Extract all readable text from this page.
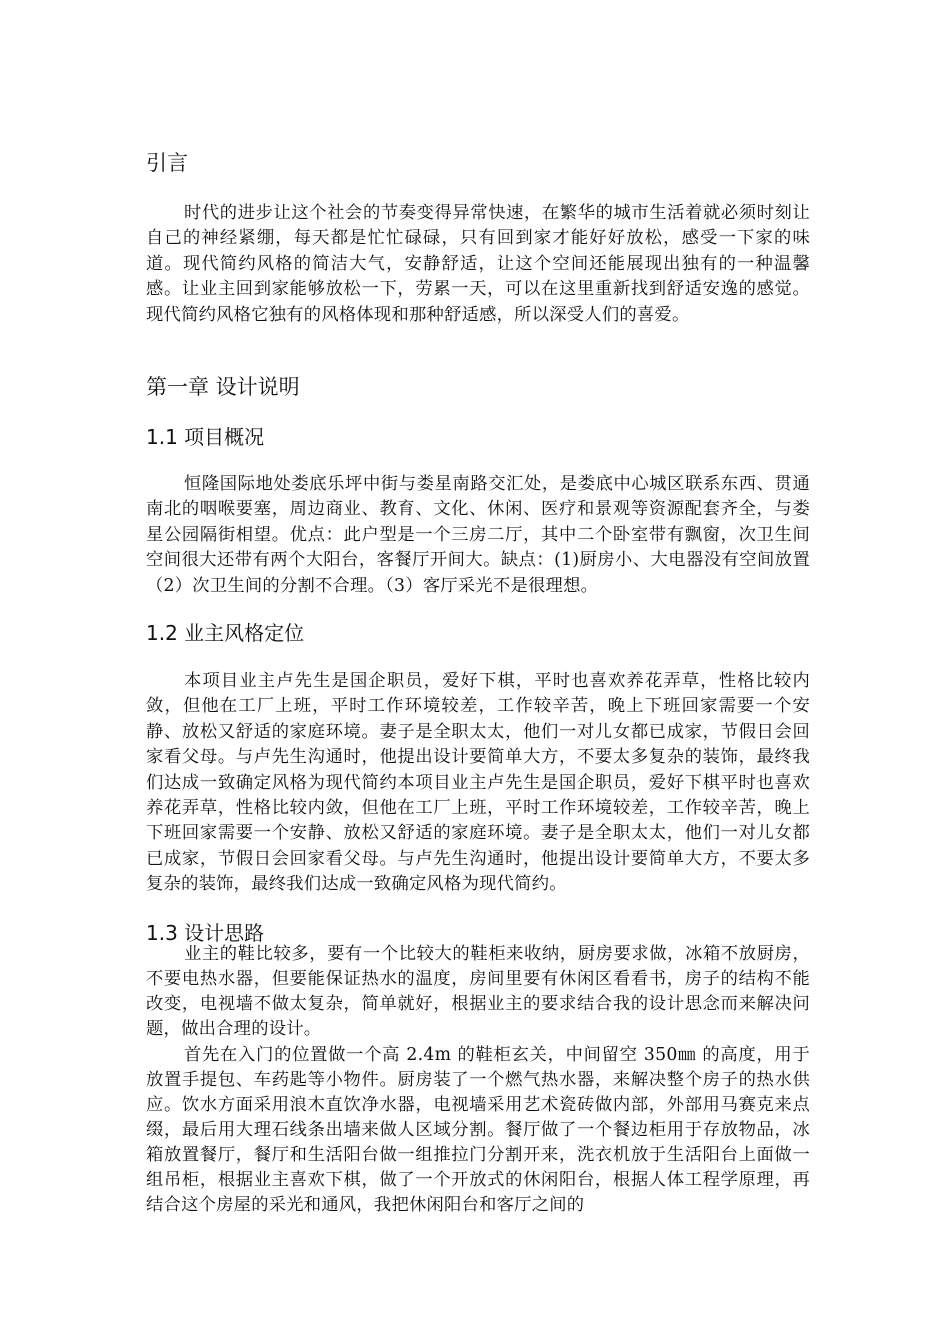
引言

时代的进步让这个社会的节奏变得异常快速，在繁华的城市生活着就必须时刻让自己的神经紧绷，每天都是忙忙碌碌，只有回到家才能好好放松，感受一下家的味道。现代简约风格的简洁大气，安静舒适，让这个空间还能展现出独有的一种温馨感。让业主回到家能够放松一下，劳累一天，可以在这里重新找到舒适安逸的感觉。现代简约风格它独有的风格体现和那种舒适感，所以深受人们的喜爱。

第一章 设计说明
1.1 项目概况

恒隆国际地处娄底乐坪中街与娄星南路交汇处，是娄底中心城区联系东西、贯通南北的咽喉要塞，周边商业、教育、文化、休闲、医疗和景观等资源配套齐全，与娄星公园隔街相望。优点：此户型是一个三房二厅，其中二个卧室带有飘窗，次卫生间空间很大还带有两个大阳台，客餐厅开间大。缺点：(1)厨房小、大电器没有空间放置（2）次卫生间的分割不合理。（3）客厅采光不是很理想。

1.2 业主风格定位

本项目业主卢先生是国企职员，爱好下棋，平时也喜欢养花弄草，性格比较内敛，但他在工厂上班，平时工作环境较差，工作较辛苦，晚上下班回家需要一个安静、放松又舒适的家庭环境。妻子是全职太太，他们一对儿女都已成家，节假日会回家看父母。与卢先生沟通时，他提出设计要简单大方，不要太多复杂的装饰，最终我们达成一致确定风格为现代简约本项目业主卢先生是国企职员，爱好下棋平时也喜欢养花弄草，性格比较内敛，但他在工厂上班，平时工作环境较差，工作较辛苦，晚上下班回家需要一个安静、放松又舒适的家庭环境。妻子是全职太太，他们一对儿女都已成家，节假日会回家看父母。与卢先生沟通时，他提出设计要简单大方，不要太多复杂的装饰，最终我们达成一致确定风格为现代简约。

1.3 设计思路

业主的鞋比较多，要有一个比较大的鞋柜来收纳，厨房要求做，冰箱不放厨房，不要电热水器，但要能保证热水的温度，房间里要有休闲区看看书，房子的结构不能改变，电视墙不做太复杂，简单就好，根据业主的要求结合我的设计思念而来解决问题，做出合理的设计。

首先在入门的位置做一个高 2.4m 的鞋柜玄关，中间留空 350㎜ 的高度，用于放置手提包、车药匙等小物件。厨房装了一个燃气热水器，来解决整个房子的热水供应。饮水方面采用浪木直饮净水器，电视墙采用艺术瓷砖做内部，外部用马赛克来点缀，最后用大理石线条出墙来做人区域分割。餐厅做了一个餐边柜用于存放物品，冰箱放置餐厅，餐厅和生活阳台做一组推拉门分割开来，洗衣机放于生活阳台上面做一组吊柜，根据业主喜欢下棋，做了一个开放式的休闲阳台，根据人体工程学原理，再结合这个房屋的采光和通风，我把休闲阳台和客厅之间的
